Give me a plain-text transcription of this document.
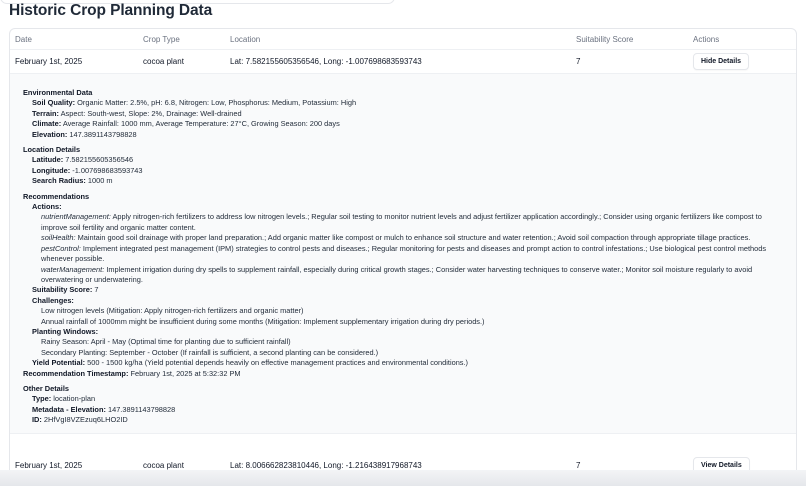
Historic Crop Planning Data
Date	Crop Type	Location	Suitability Score	Actions
February 1st, 2025	cocoa plant	Lat: 7.582155605356546, Long: -1.007698683593743	7	Hide Details
Environmental Data
Soil Quality: Organic Matter: 2.5%, pH: 6.8, Nitrogen: Low, Phosphorus: Medium, Potassium: High
Terrain: Aspect: South-west, Slope: 2%, Drainage: Well-drained
Climate: Average Rainfall: 1000 mm, Average Temperature: 27°C, Growing Season: 200 days
Elevation: 147.3891143798828
Location Details
Latitude: 7.582155605356546
Longitude: -1.007698683593743
Search Radius: 1000 m
Recommendations
Actions:
nutrientManagement: Apply nitrogen-rich fertilizers to address low nitrogen levels.; Regular soil testing to monitor nutrient levels and adjust fertilizer application accordingly.; Consider using organic fertilizers like compost to improve soil fertility and organic matter content.
soilHealth: Maintain good soil drainage with proper land preparation.; Add organic matter like compost or mulch to enhance soil structure and water retention.; Avoid soil compaction through appropriate tillage practices.
pestControl: Implement integrated pest management (IPM) strategies to control pests and diseases.; Regular monitoring for pests and diseases and prompt action to control infestations.; Use biological pest control methods whenever possible.
waterManagement: Implement irrigation during dry spells to supplement rainfall, especially during critical growth stages.; Consider water harvesting techniques to conserve water.; Monitor soil moisture regularly to avoid overwatering or underwatering.
Suitability Score: 7
Challenges:
Low nitrogen levels (Mitigation: Apply nitrogen-rich fertilizers and organic matter)
Annual rainfall of 1000mm might be insufficient during some months (Mitigation: Implement supplementary irrigation during dry periods.)
Planting Windows:
Rainy Season: April - May (Optimal time for planting due to sufficient rainfall)
Secondary Planting: September - October (If rainfall is sufficient, a second planting can be considered.)
Yield Potential: 500 - 1500 kg/ha (Yield potential depends heavily on effective management practices and environmental conditions.)
Recommendation Timestamp: February 1st, 2025 at 5:32:32 PM
Other Details
Type: location-plan
Metadata - Elevation: 147.3891143798828
ID: 2HfVgI8VZEzuq6LHO2ID
February 1st, 2025	cocoa plant	Lat: 8.006662823810446, Long: -1.216438917968743	7	View Details
